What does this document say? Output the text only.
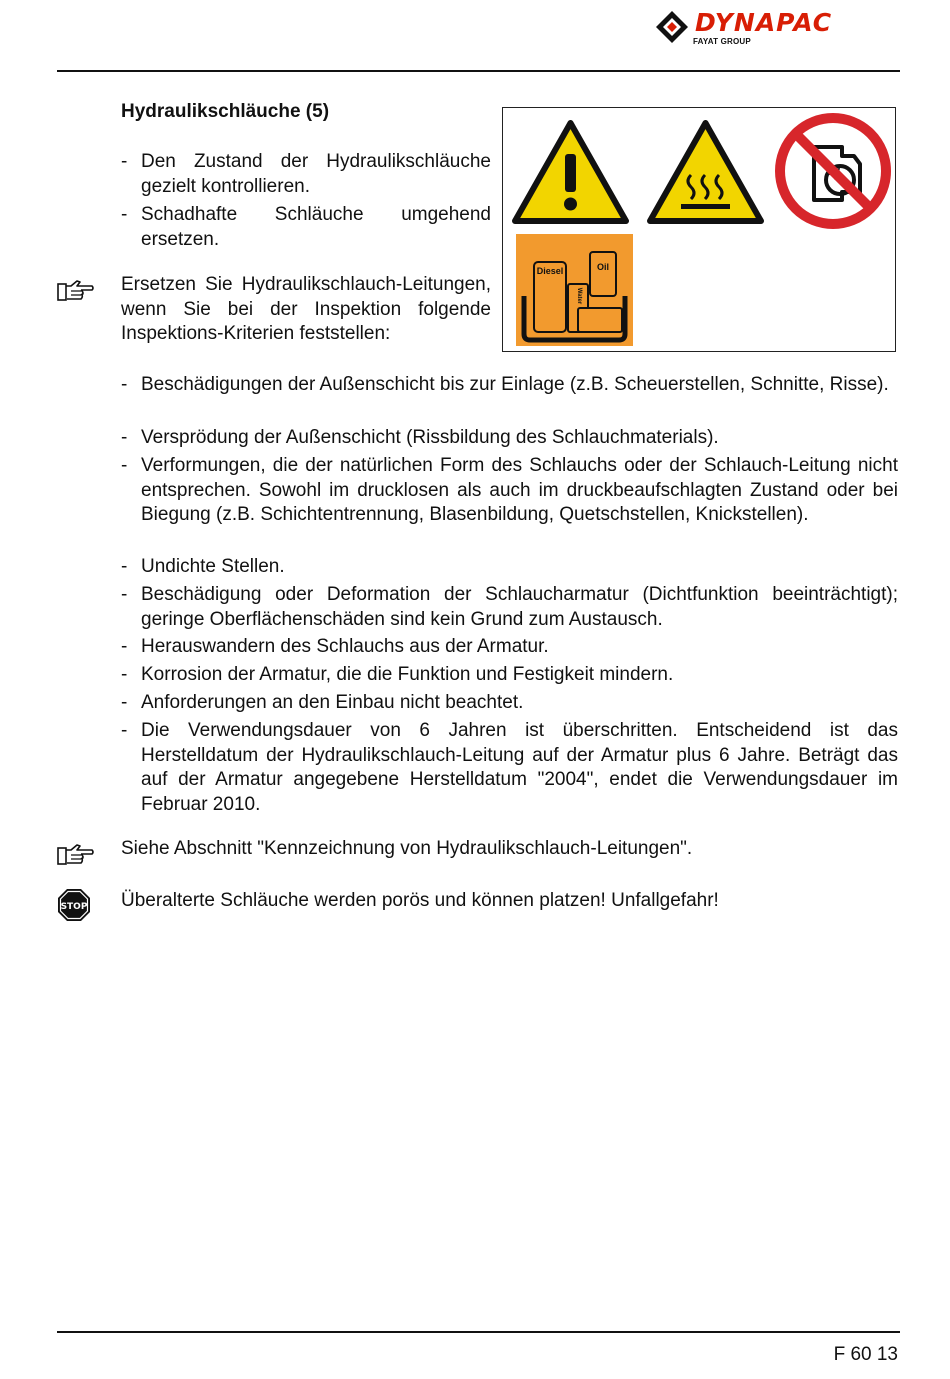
DYNAPAC
FAYAT GROUP
Hydraulikschläuche (5)
- Den Zustand der Hydraulikschläuche gezielt kontrollieren.
- Schadhafte Schläuche umgehend ersetzen.
Ersetzen Sie Hydraulikschlauch-Leitungen, wenn Sie bei der Inspektion folgende Inspektions-Kriterien feststellen:
Diesel	Oil
Water
- Beschädigungen der Außenschicht bis zur Einlage (z.B. Scheuerstellen, Schnitte, Risse).
- Versprödung der Außenschicht (Rissbildung des Schlauchmaterials).
- Verformungen, die der natürlichen Form des Schlauchs oder der Schlauch-Leitung nicht entsprechen. Sowohl im drucklosen als auch im druckbeaufschlagten Zustand oder bei Biegung (z.B. Schichtentrennung, Blasenbildung, Quetschstellen, Knickstellen).
- Undichte Stellen.
- Beschädigung oder Deformation der Schlaucharmatur (Dichtfunktion beeinträchtigt); geringe Oberflächenschäden sind kein Grund zum Austausch.
- Herauswandern des Schlauchs aus der Armatur.
- Korrosion der Armatur, die die Funktion und Festigkeit mindern.
- Anforderungen an den Einbau nicht beachtet.
- Die Verwendungsdauer von 6 Jahren ist überschritten. Entscheidend ist das Herstelldatum der Hydraulikschlauch-Leitung auf der Armatur plus 6 Jahre. Beträgt das auf der Armatur angegebene Herstelldatum "2004", endet die Verwendungsdauer im Februar 2010.
Siehe Abschnitt "Kennzeichnung von Hydraulikschlauch-Leitungen".
STOP Überalterte Schläuche werden porös und können platzen! Unfallgefahr!
F 60 13
